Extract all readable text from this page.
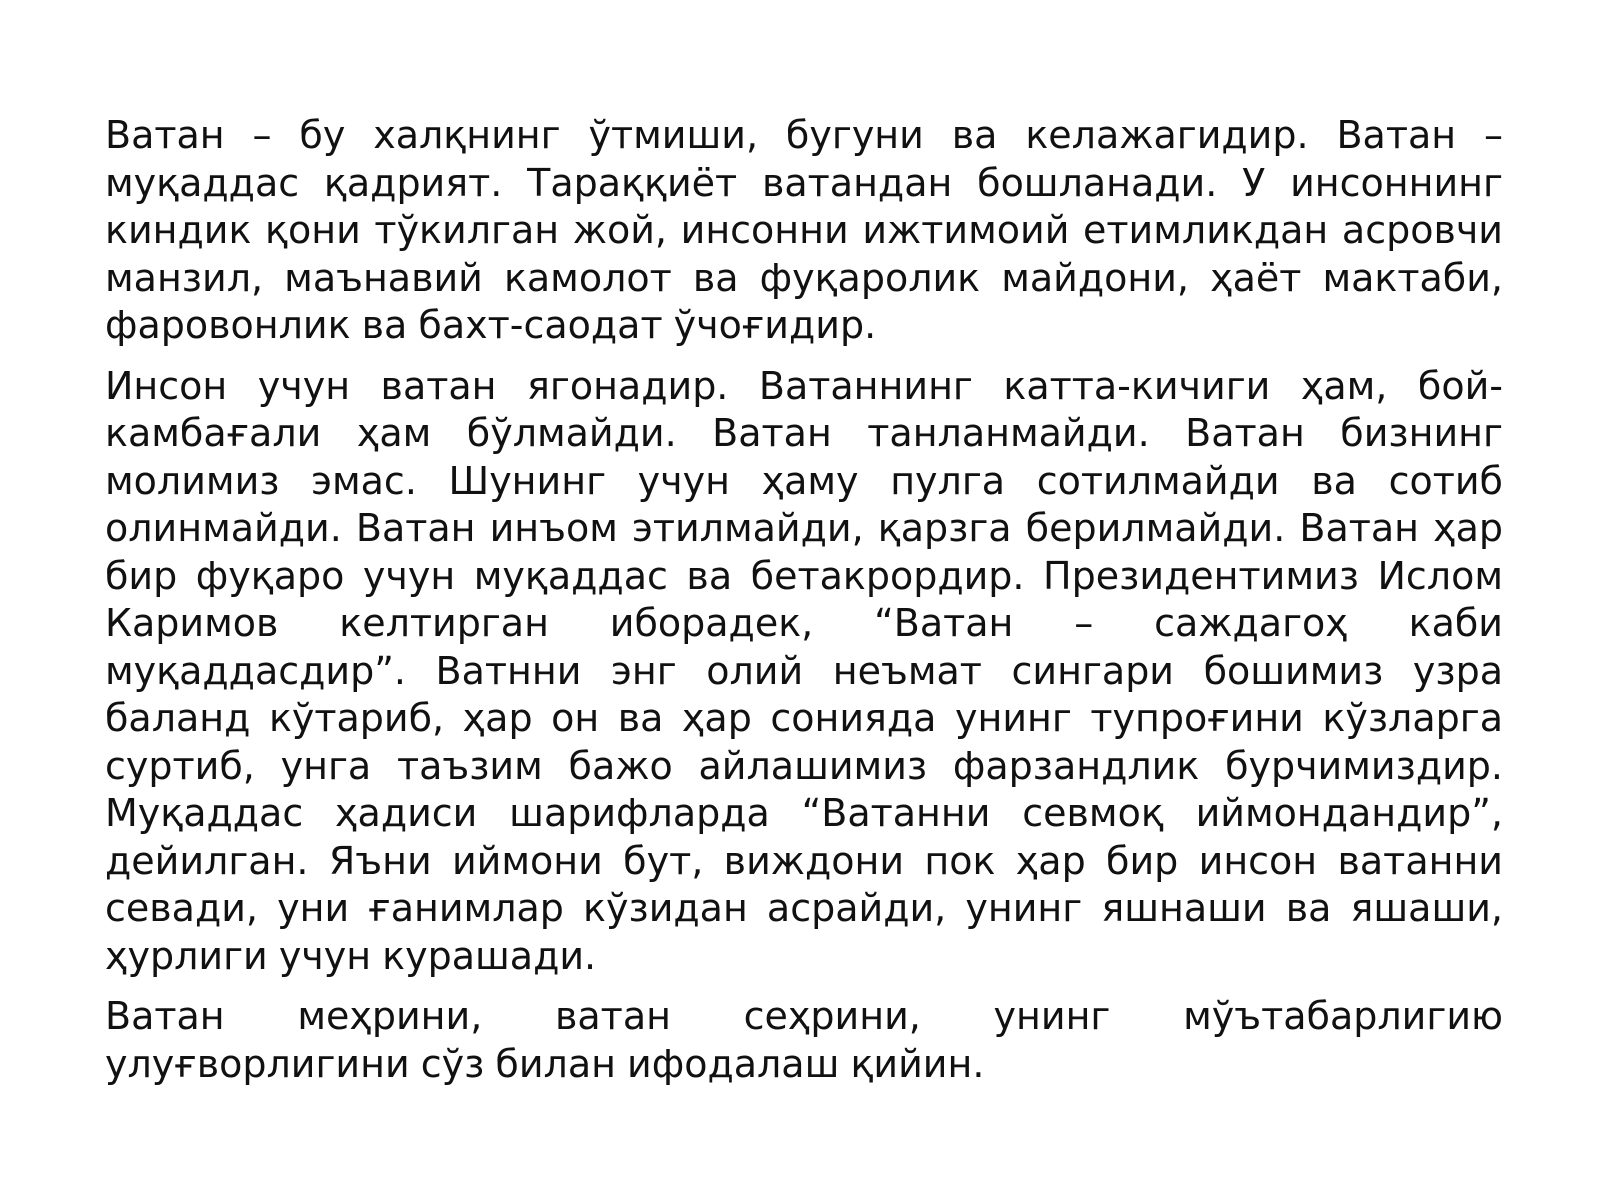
Ватан – бу халқнинг ўтмиши, бугуни ва келажагидир. Ватан – муқаддас қадрият. Тараққиёт ватандан бошланади. У инсоннинг киндик қони тўкилган жой, инсонни ижтимоий етимликдан асровчи манзил, маънавий камолот ва фуқаролик майдони, ҳаёт мактаби, фаровонлик ва бахт-саодат ўчоғидир.

Инсон учун ватан ягонадир. Ватаннинг катта-кичиги ҳам, бой-камбағали ҳам бўлмайди. Ватан танланмайди. Ватан бизнинг молимиз эмас. Шунинг учун ҳаму пулга сотилмайди ва сотиб олинмайди. Ватан инъом этилмайди, қарзга берилмайди. Ватан ҳар бир фуқаро учун муқаддас ва бетакрордир. Президентимиз Ислом Каримов келтирган ибoрадек, “Ватан – саждагоҳ каби муқаддасдир”. Ватнни энг олий неъмат сингари бошимиз узра баланд кўтариб, ҳар он ва ҳар сонияда унинг тупроғини кўзларга суртиб, унга таъзим бажо айлашимиз фарзандлик бурчимиздир. Муқаддас ҳадиси шарифларда “Ватанни севмоқ иймондандир”, дейилган. Яъни иймони бут, виждони пок ҳар бир инсон ватанни севади, уни ғанимлар кўзидан асрайди, унинг яшнаши ва яшаши, ҳурлиги учун курашади.

Ватан меҳрини, ватан сеҳрини, унинг мўътабарлигию улуғворлигини сўз билан ифодалаш қийин.
